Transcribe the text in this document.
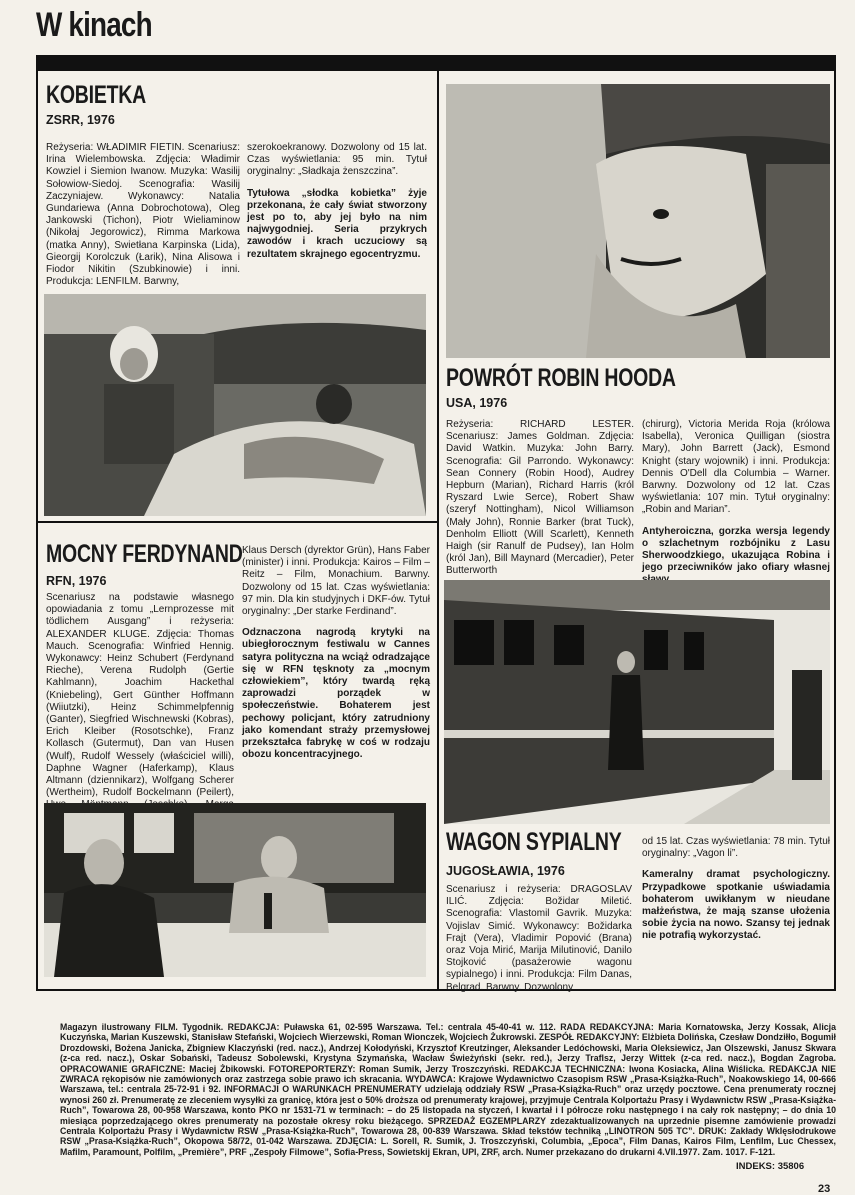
W kinach
KOBIETKA
ZSRR, 1976

Reżyseria: WŁADIMIR FIETIN. Scenariusz: Irina Wielembowska. Zdjęcia: Władimir Kowziel i Siemion Iwanow. Muzyka: Wasilij Sołowiow-Siedoj. Scenografia: Wasilij Zaczyniajew. Wykonawcy: Natalia Gundariewa (Anna Dobrochotowa), Oleg Jankowski (Tichon), Piotr Wieliaminow (Nikołaj Jegorowicz), Rimma Markowa (matka Anny), Swietłana Karpinska (Lida), Gieorgij Korolczuk (Łarik), Nina Alisowa i Fiodor Nikitin (Szubkinowie) i inni. Produkcja: LENFILM. Barwny,

szerokoekranowy. Dozwolony od 15 lat. Czas wyświetlania: 95 min. Tytuł oryginalny: „Sładkaja żenszczina”.

Tytułowa „słodka kobietka” żyje przekonana, że cały świat stworzony jest po to, aby jej było na nim najwygodniej. Seria przykrych zawodów i krach uczuciowy są rezultatem skrajnego egocentryzmu.

POWRÓT ROBIN HOODA
USA, 1976

Reżyseria: RICHARD LESTER. Scenariusz: James Goldman. Zdjęcia: David Watkin. Muzyka: John Barry. Scenografia: Gil Parrondo. Wykonawcy: Sean Connery (Robin Hood), Audrey Hepburn (Marian), Richard Harris (król Ryszard Lwie Serce), Robert Shaw (szeryf Nottingham), Nicol Williamson (Mały John), Ronnie Barker (brat Tuck), Denholm Elliott (Will Scarlett), Kenneth Haigh (sir Ranulf de Pudsey), Ian Holm (król Jan), Bill Maynard (Mercadier), Peter Butterworth

(chirurg), Victoria Merida Roja (królowa Isabella), Veronica Quilligan (siostra Mary), John Barrett (Jack), Esmond Knight (stary wojownik) i inni. Produkcja: Dennis O'Dell dla Columbia – Warner. Barwny. Dozwolony od 12 lat. Czas wyświetlania: 107 min. Tytuł oryginalny: „Robin and Marian”.

Antyheroiczna, gorzka wersja legendy o szlachetnym rozbójniku z Lasu Sherwoodzkiego, ukazująca Robina i jego przeciwników jako ofiary własnej

MOCNY FERDYNAND
RFN, 1976

Scenariusz na podstawie własnego opowiadania z tomu „Lernprozesse mit tödlichem Ausgang” i reżyseria: ALEXANDER KLUGE. Zdjęcia: Thomas Mauch. Scenografia: Winfried Hennig. Wykonawcy: Heinz Schubert (Ferdynand Rieche), Verena Rudolph (Gertie Kahlmann), Joachim Hackethal (Kniebeling), Gert Günther Hoffmann (Wiiutzki), Heinz Schimmelpfennig (Ganter), Siegfried Wischnewski (Kobras), Erich Kleiber (Rosotschke), Franz Kollasch (Gutermut), Dan van Husen (Wulf), Rudolf Wessely (właściciel willi), Daphne Wagner (Haferkamp), Klaus Altmann (dziennikarz), Wolfgang Scherer (Wertheim), Rudolf Bockelmann (Peilert),

Klaus Dersch (dyrektor Grün), Hans Faber (minister) i inni. Produkcja: Kairos – Film – Reitz – Film, Monachium. Barwny. Dozwolony od 15 lat. Czas wyświetlania: 97 min. Dla kin studyjnych i DKF-ów. Tytuł oryginalny: „Der starke Ferdinand”.

Odznaczona nagrodą krytyki na ubiegłorocznym festiwalu w Cannes satyra polityczna na wciąż odradzające się w RFN tęsknoty za „mocnym człowiekiem”, który twardą ręką zaprowadzi porządek w społeczeństwie. Bohaterem jest pechowy policjant, który zatrudniony jako komendant straży przemysłowej przekształca fabrykę w coś w rodzaju obozu koncentracyjnego.

WAGON SYPIALNY
JUGOSŁAWIA, 1976

Scenariusz i reżyseria: DRAGOSLAV ILIĆ. Zdjęcia: Božidar Miletić. Scenografia: Vlastomil Gavrik. Muzyka: Vojislav Simić. Wykonawcy: Božidarka Frajt (Vera), Vladimir Popović (Brana) oraz Voja Mirić, Marija Milutinović, Danilo Stojković (pasażerowie wagonu sypialnego) i inni. Produkcja: Film Danas, Belgrad. Barwny. Dozwolony

od 15 lat. Czas wyświetlania: 78 min. Tytuł oryginalny: „Vagon li”.

Kameralny dramat psychologiczny. Przypadkowe spotkanie uświadamia bohaterom uwikłanym w nieudane małżeństwa, że mają szanse ułożenia sobie życia na nowo. Szansy tej jednak nie potrafią wykorzystać.

Magazyn ilustrowany FILM. Tygodnik. REDAKCJA: Puławska 61, 02-595 Warszawa. Tel.: centrala 45-40-41 w. 112. RADA REDAKCYJNA: Maria Kornatowska, Jerzy Kossak, Alicja Kuczyńska, Marian Kuszewski, Stanisław Stefański, Wojciech Wierzewski, Roman Wionczek, Wojciech Żukrowski. ZESPÓŁ REDAKCYJNY: Elżbieta Dolińska, Czesław Dondziłło, Bogumił Drozdowski, Bożena Janicka, Zbigniew Klaczyński (red. nacz.), Andrzej Kołodyński, Krzysztof Kreutzinger, Aleksander Ledóchowski, Maria Oleksiewicz, Jan Olszewski, Janusz Skwara (z-ca red. nacz.), Oskar Sobański, Tadeusz Sobolewski, Krystyna Szymańska, Wacław Świeżyński (sekr. red.), Jerzy Traflsz, Jerzy Wittek (z-ca red. nacz.), Bogdan Zagroba. OPRACOWANIE GRAFICZNE: Maciej Żbikowski. FOTOREPORTERZY: Roman Sumik, Jerzy Troszczyński. REDAKCJA TECHNICZNA: Iwona Kosiacka, Alina Wiślicka. REDAKCJA NIE ZWRACA rękopisów nie zamówionych oraz zastrzega sobie prawo ich skracania. WYDAWCA: Krajowe Wydawnictwo Czasopism RSW „Prasa-Książka-Ruch”, Noakowskiego 14, 00-666 Warszawa, tel.: centrala 25-72-91 i 92. INFORMACJI O WARUNKACH PRENUMERATY udzielają oddziały RSW „Prasa-Książka-Ruch” oraz urzędy pocztowe. Cena prenumeraty rocznej wynosi 260 zł. Prenumeratę ze zleceniem wysyłki za granicę, która jest o 50% droższa od prenumeraty krajowej, przyjmuje Centrala Kolportażu Prasy i Wydawnictw RSW „Prasa-Książka-Ruch”, Towarowa 28, 00-958 Warszawa, konto PKO nr 1531-71 w terminach: – do 25 listopada na styczeń, I kwartał i I półrocze roku następnego i na cały rok następny; – do dnia 10 miesiąca poprzedzającego okres prenumeraty na pozostałe okresy roku bieżącego. SPRZEDAŻ EGZEMPLARZY zdezaktualizowanych na uprzednie pisemne zamówienie prowadzi Centrala Kolportażu Prasy i Wydawnictw RSW „Prasa-Książka-Ruch”, Towarowa 28, 00-839 Warszawa. Skład tekstów techniką „LINOTRON 505 TC”. DRUK: Zakłady Wklęsłodrukowe RSW „Prasa-Książka-Ruch”, Okopowa 58/72, 01-042 Warszawa. ZDJĘCIA: L. Sorell, R. Sumik, J. Troszczyński, Columbia, „Epoca”, Film Danas, Kairos Film, Lenfilm, Luc Chessex, Mafilm, Paramount, Polfilm, „Première”, PRF „Zespoły Filmowe”, Sofia-Press, Sowietskij Ekran, UPI, ZRF, arch. Numer przekazano do drukarni 4.VII.1977. Zam. 1017. F-121.
INDEKS: 35806
23
